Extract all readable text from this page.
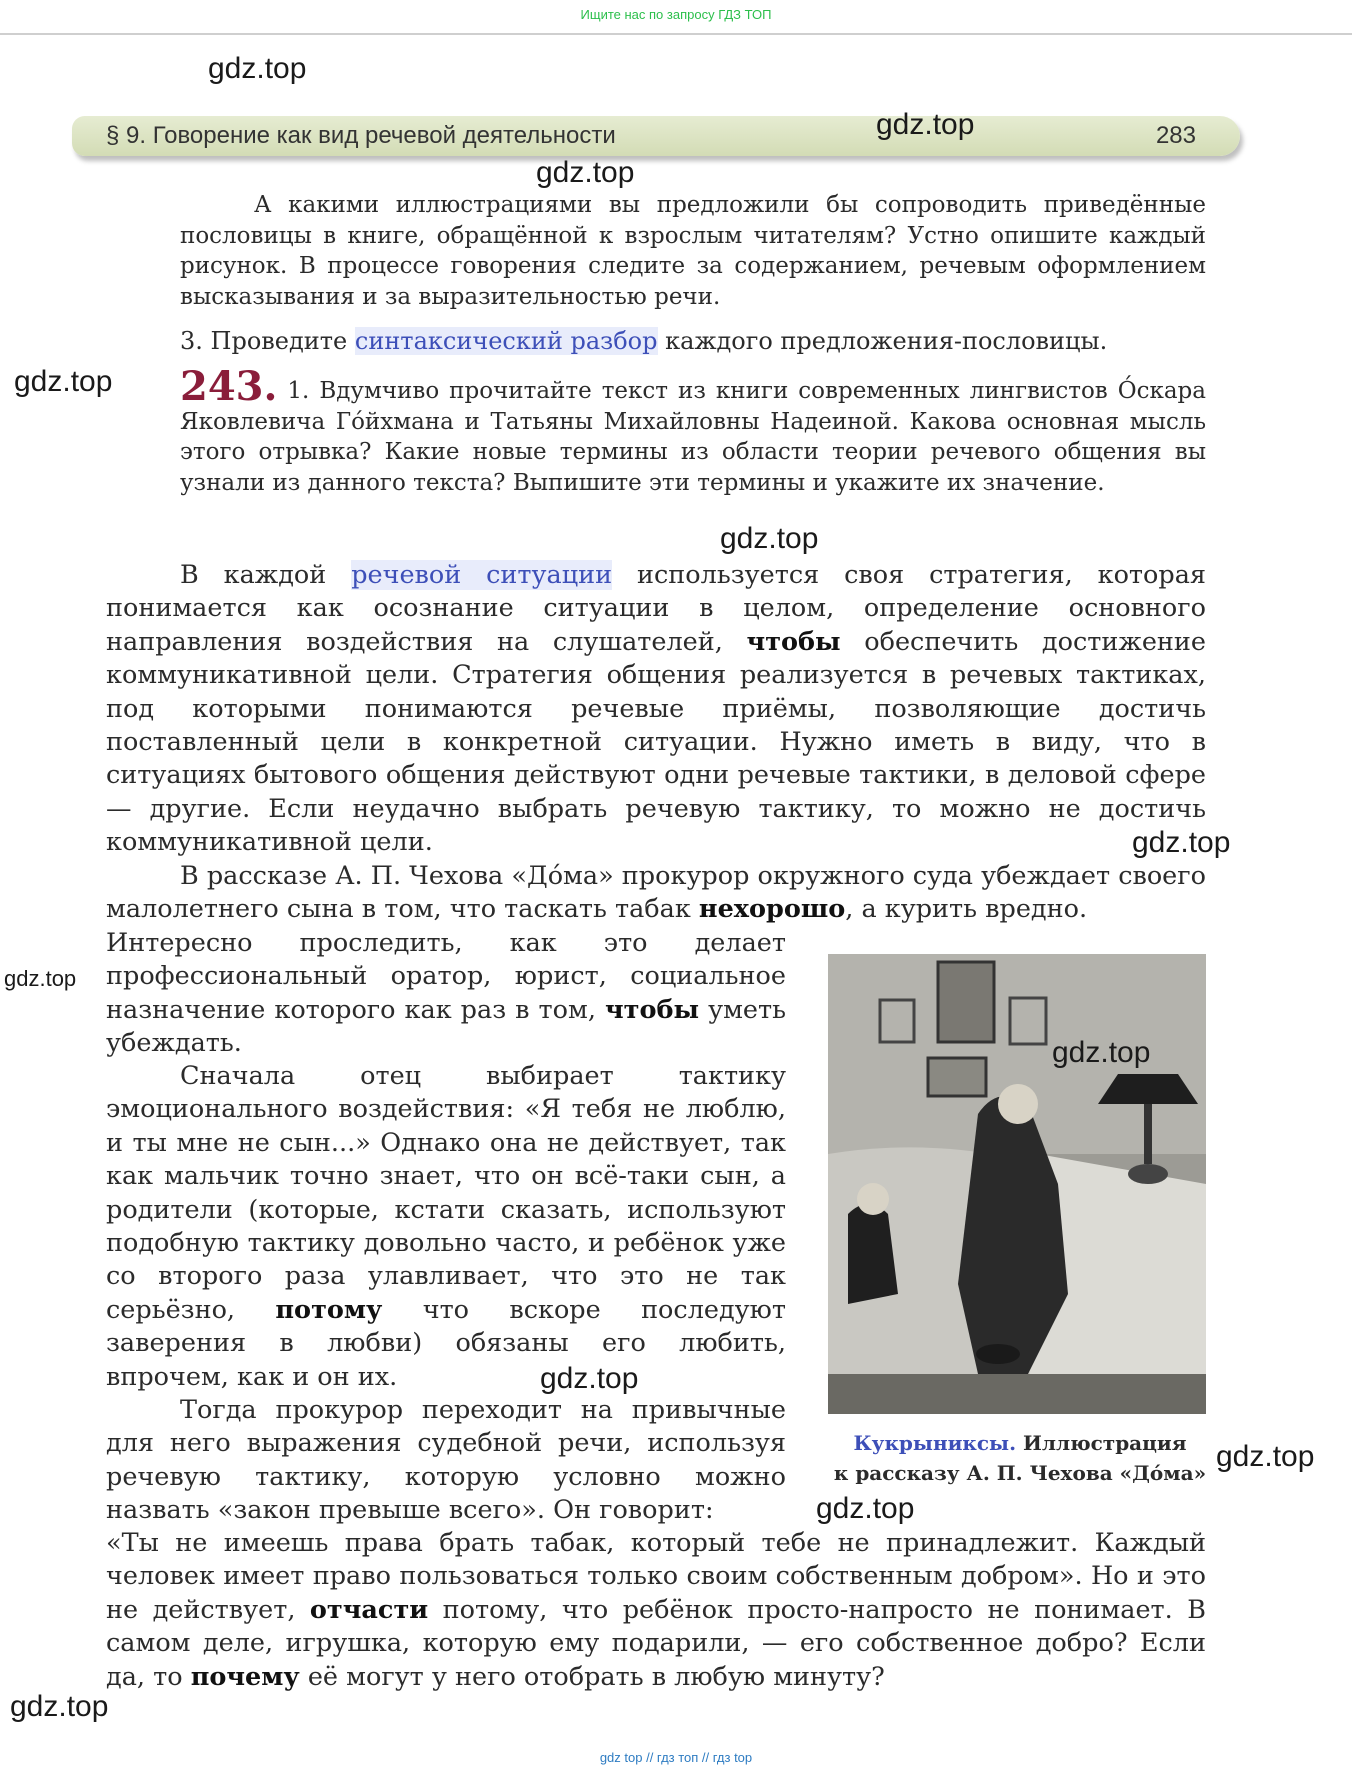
Ищите нас по запросу ГДЗ ТОП
§ 9. Говорение как вид речевой деятельности	283

А какими иллюстрациями вы предложили бы сопроводить приведённые пословицы в книге, обращённой к взрослым читателям? Устно опишите каждый рисунок. В процессе говорения следите за содержанием, речевым оформлением высказывания и за выразительностью речи.

3. Проведите синтаксический разбор каждого предложения-пословицы.

243. 1. Вдумчиво прочитайте текст из книги современных лингвистов О́скара Яковлевича Го́йхмана и Татьяны Михайловны Надеиной. Какова основная мысль этого отрывка? Какие новые термины из области теории речевого общения вы узнали из данного текста? Выпишите эти термины и укажите их значение.

В каждой речевой ситуации используется своя стратегия, которая понимается как осознание ситуации в целом, определение основного направления воздействия на слушателей, чтобы обеспечить достижение коммуникативной цели. Стратегия общения реализуется в речевых тактиках, под которыми понимаются речевые приёмы, позволяющие достичь поставленный цели в конкретной ситуации. Нужно иметь в виду, что в ситуациях бытового общения действуют одни речевые тактики, в деловой сфере — другие. Если неудачно выбрать речевую тактику, то можно не достичь коммуникативной цели.

В рассказе А. П. Чехова «До́ма» прокурор окружного суда убеждает своего малолетнего сына в том, что таскать табак нехорошо, а курить вредно.

Интересно проследить, как это делает профессиональный оратор, юрист, социальное назначение которого как раз в том, чтобы уметь убеждать.

Сначала отец выбирает тактику эмоционального воздействия: «Я тебя не люблю, и ты мне не сын...» Однако она не действует, так как мальчик точно знает, что он всё-таки сын, а родители (которые, кстати сказать, используют подобную тактику довольно часто, и ребёнок уже со второго раза улавливает, что это не так серьёзно, потому что вскоре последуют заверения в любви) обязаны его любить, впрочем, как и он их.

Тогда прокурор переходит на привычные для него выражения судебной речи, используя речевую тактику, которую условно можно назвать «закон превыше всего». Он говорит:

«Ты не имеешь права брать табак, который тебе не принадлежит. Каждый человек имеет право пользоваться только своим собственным добром». Но и это не действует, отчасти потому, что ребёнок просто-напросто не понимает. В самом деле, игрушка, которую ему подарили, — его собственное добро? Если да, то почему её могут у него отобрать в любую минуту?

Кукрыниксы. Иллюстрация
к рассказу А. П. Чехова «До́ма»
gdz.top
gdz.top
gdz.top
gdz.top
gdz.top
gdz.top
gdz.top
gdz.top
gdz.top
gdz.top
gdz.top
gdz.top
gdz top // гдз топ // гдз top
